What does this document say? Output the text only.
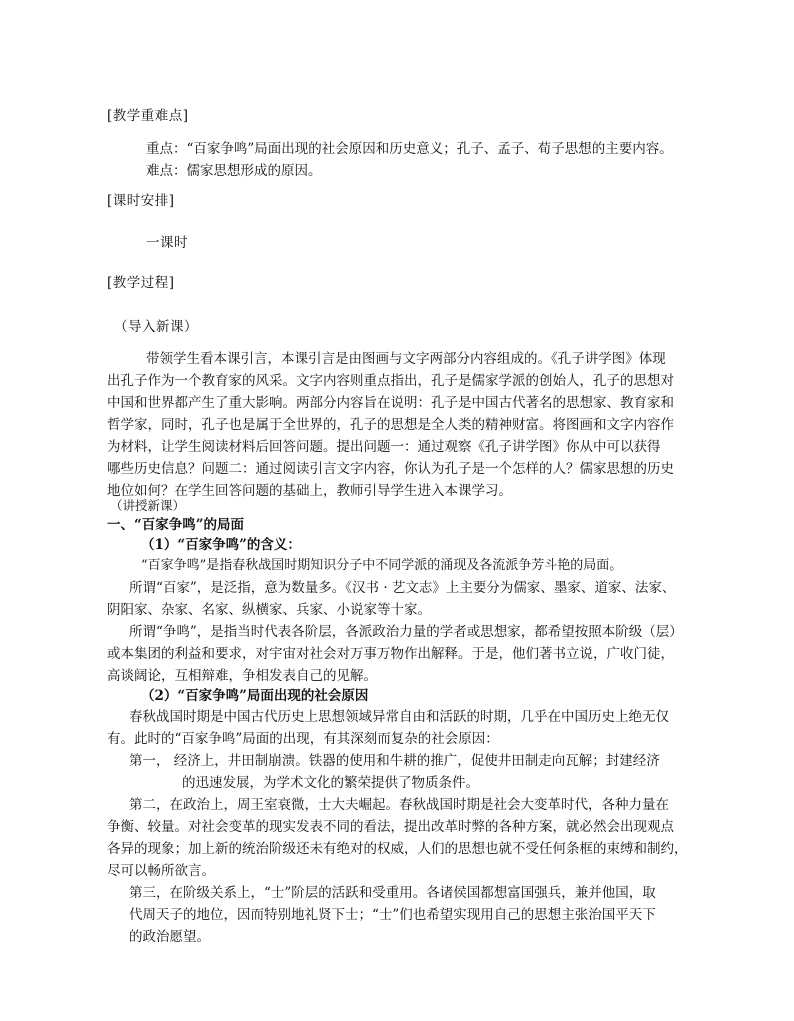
[教学重难点]
重点：“百家争鸣”局面出现的社会原因和历史意义；孔子、孟子、荀子思想的主要内容。
难点：儒家思想形成的原因。
[课时安排]
一课时
[教学过程]
（导入新课）
带领学生看本课引言，本课引言是由图画与文字两部分内容组成的。《孔子讲学图》体现
出孔子作为一个教育家的风采。文字内容则重点指出，孔子是儒家学派的创始人，孔子的思想对
中国和世界都产生了重大影响。两部分内容旨在说明：孔子是中国古代著名的思想家、教育家和
哲学家，同时，孔子也是属于全世界的，孔子的思想是全人类的精神财富。将图画和文字内容作
为材料，让学生阅读材料后回答问题。提出问题一：通过观察《孔子讲学图》你从中可以获得
哪些历史信息？问题二：通过阅读引言文字内容，你认为孔子是一个怎样的人？儒家思想的历史
地位如何？在学生回答问题的基础上，教师引导学生进入本课学习。
（讲授新课）
一、“百家争鸣”的局面
（1）“百家争鸣”的含义：
“百家争鸣”是指春秋战国时期知识分子中不同学派的涌现及各流派争芳斗艳的局面。
所谓“百家”，是泛指，意为数量多。《汉书 · 艺文志》上主要分为儒家、墨家、道家、法家、
阴阳家、杂家、名家、纵横家、兵家、小说家等十家。
所谓“争鸣”，是指当时代表各阶层，各派政治力量的学者或思想家，都希望按照本阶级（层）
或本集团的利益和要求，对宇宙对社会对万事万物作出解释。于是，他们著书立说，广收门徒，
高谈阔论，互相辩难，争相发表自己的见解。
（2）“百家争鸣”局面出现的社会原因
春秋战国时期是中国古代历史上思想领域异常自由和活跃的时期，几乎在中国历史上绝无仅
有。此时的“百家争鸣”局面的出现，有其深刻而复杂的社会原因：
第一， 经济上，井田制崩溃。铁器的使用和牛耕的推广，促使井田制走向瓦解；封建经济
的迅速发展，为学术文化的繁荣提供了物质条件。
第二，在政治上，周王室衰微，士大夫崛起。春秋战国时期是社会大变革时代，各种力量在
争衡、较量。对社会变革的现实发表不同的看法，提出改革时弊的各种方案，就必然会出现观点
各异的现象；加上新的统治阶级还未有绝对的权威，人们的思想也就不受任何条框的束缚和制约，
尽可以畅所欲言。
第三，在阶级关系上，“士”阶层的活跃和受重用。各诸侯国都想富国强兵，兼并他国，取
代周天子的地位，因而特别地礼贤下士；“士”们也希望实现用自己的思想主张治国平天下
的政治愿望。
